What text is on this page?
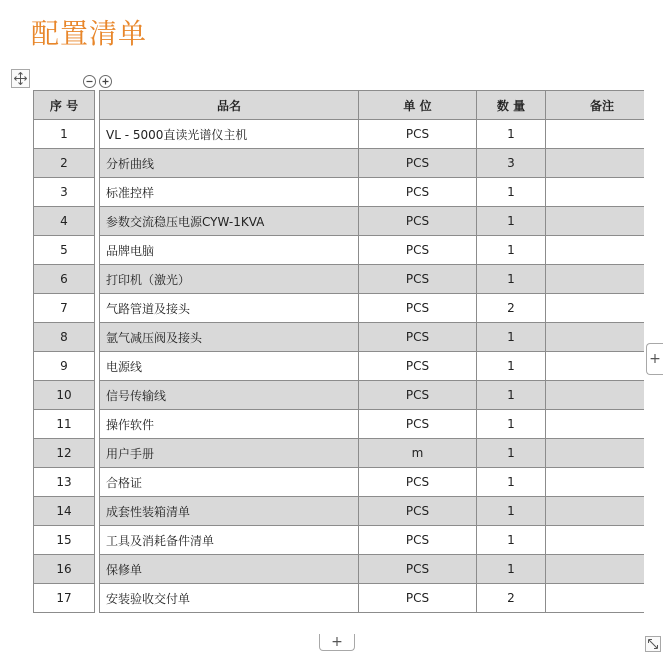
配置清单
序 号		品名	单 位	数 量	备注
1		VL - 5000直读光谱仪主机	PCS	1	
2		分析曲线	PCS	3	
3		标准控样	PCS	1	
4		参数交流稳压电源CYW-1KVA	PCS	1	
5		品牌电脑	PCS	1	
6		打印机（激光）	PCS	1	
7		气路管道及接头	PCS	2	
8		氩气减压阀及接头	PCS	1	
9		电源线	PCS	1	
10		信号传输线	PCS	1	
11		操作软件	PCS	1	
12		用户手册	m	1	
13		合格证	PCS	1	
14		成套性装箱清单	PCS	1	
15		工具及消耗备件清单	PCS	1	
16		保修单	PCS	1	
17		安装验收交付单	PCS	2	
+
+
